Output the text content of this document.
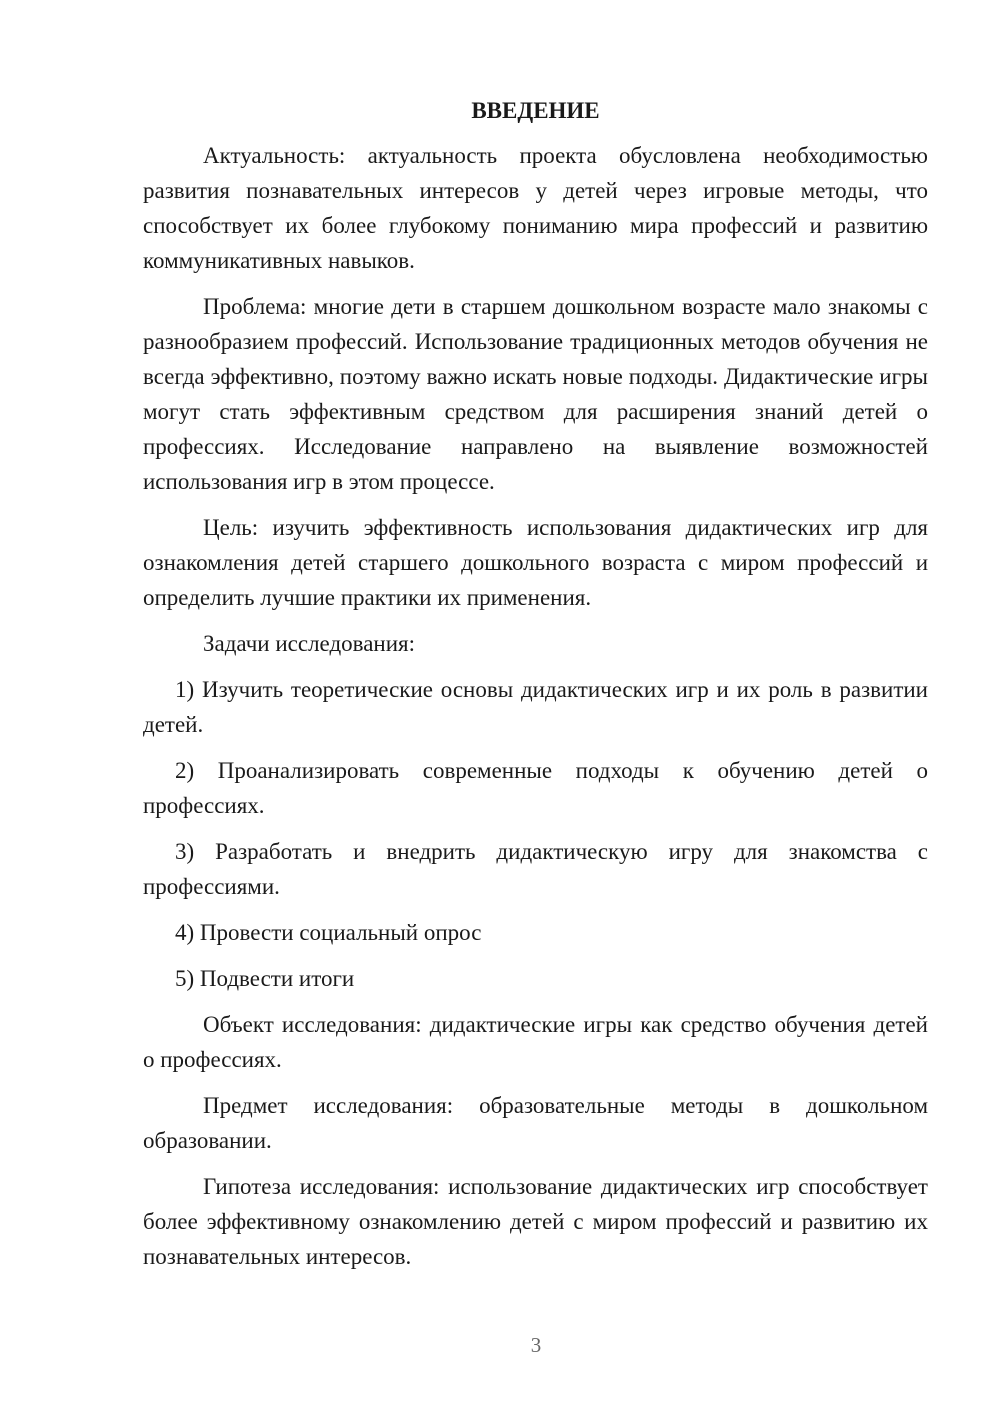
ВВЕДЕНИЕ

Актуальность: актуальность проекта обусловлена необходимостью развития познавательных интересов у детей через игровые методы, что способствует их более глубокому пониманию мира профессий и развитию коммуникативных навыков.

Проблема: многие дети в старшем дошкольном возрасте мало знакомы с разнообразием профессий. Использование традиционных методов обучения не всегда эффективно, поэтому важно искать новые подходы. Дидактические игры могут стать эффективным средством для расширения знаний детей о профессиях. Исследование направлено на выявление возможностей использования игр в этом процессе.

Цель: изучить эффективность использования дидактических игр для ознакомления детей старшего дошкольного возраста с миром профессий и определить лучшие практики их применения.

Задачи исследования:

1) Изучить теоретические основы дидактических игр и их роль в развитии детей.

2) Проанализировать современные подходы к обучению детей о профессиях.

3) Разработать и внедрить дидактическую игру для знакомства с профессиями.

4) Провести социальный опрос

5) Подвести итоги

Объект исследования: дидактические игры как средство обучения детей о профессиях.

Предмет исследования: образовательные методы в дошкольном образовании.

Гипотеза исследования: использование дидактических игр способствует более эффективному ознакомлению детей с миром профессий и развитию их познавательных интересов.

3
